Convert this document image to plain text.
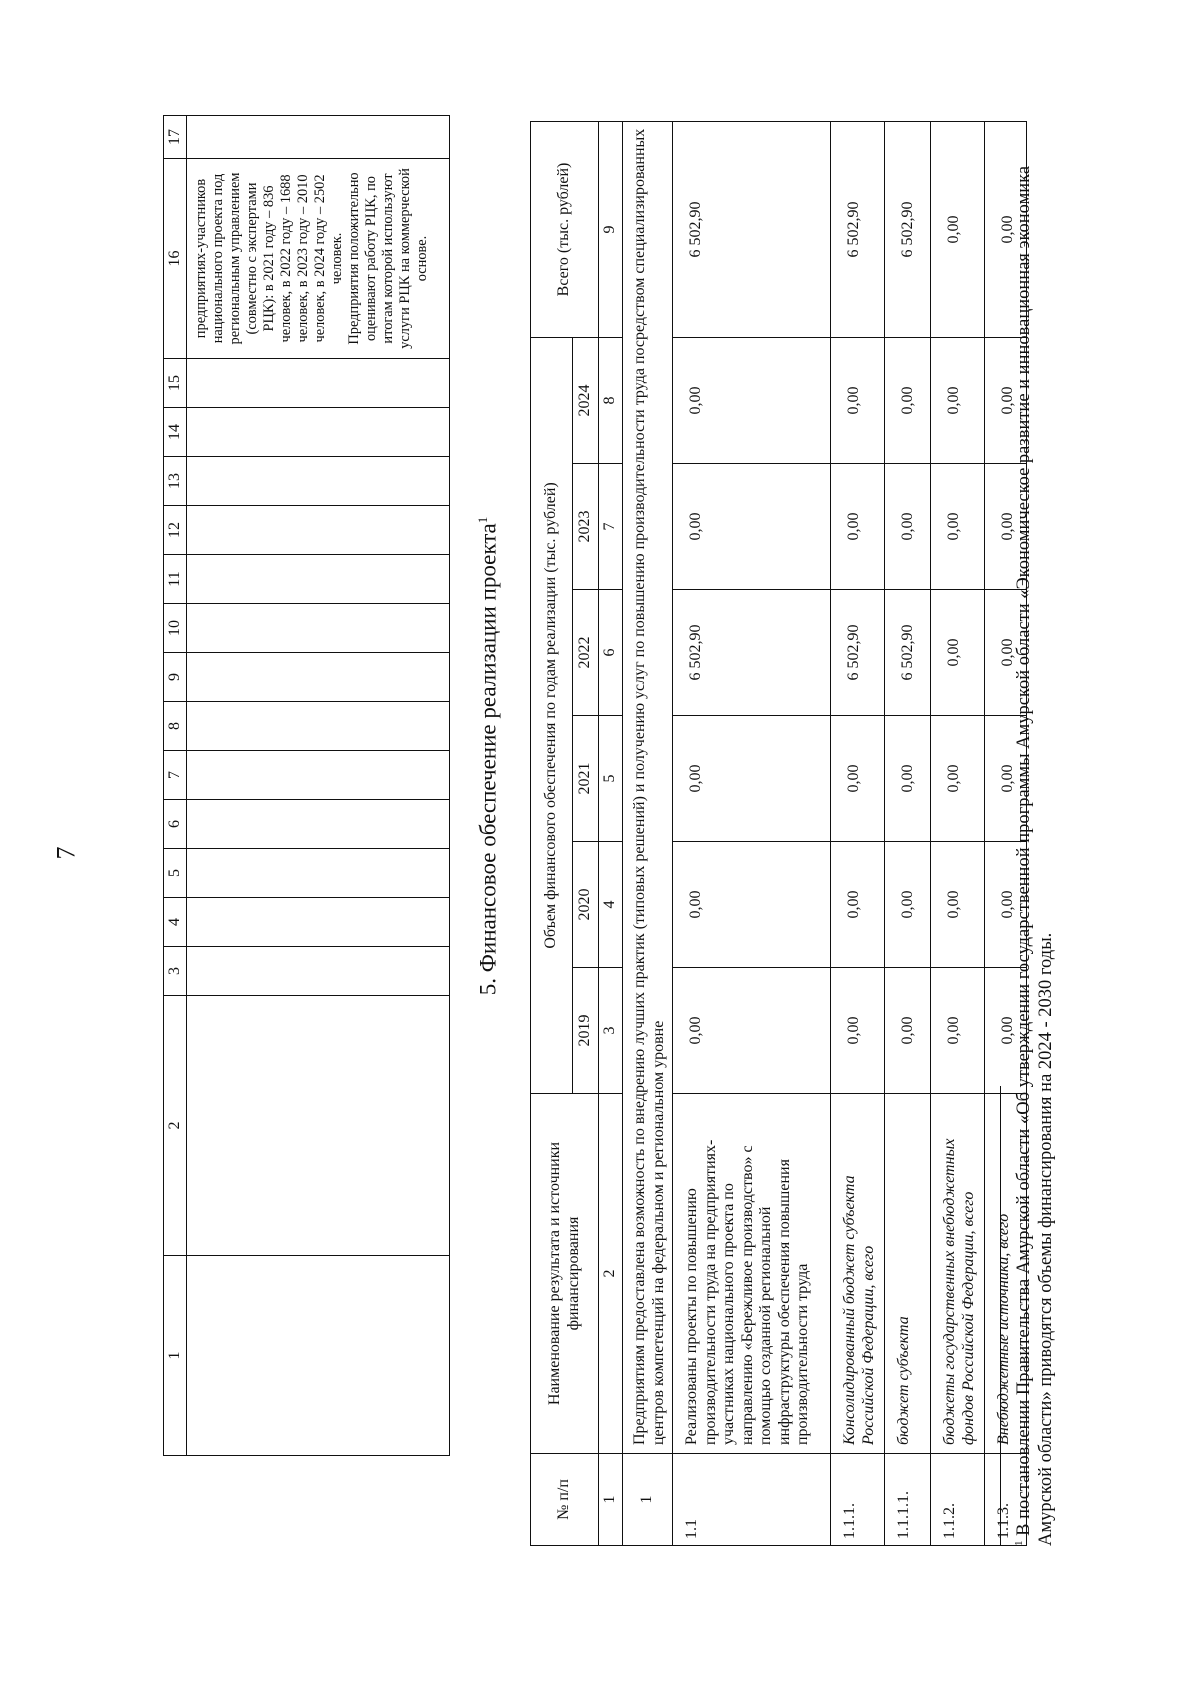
7
1	2	3	4	5	6	7	8	9	10	11	12	13	14	15	16	17

															предприятиях-участников национального проекта под региональным управлением (совместно с экспертами РЦК): в 2021 году – 836 человек, в 2022 году – 1688 человек, в 2023 году – 2010 человек, в 2024 году – 2502 человек. Предприятия положительно оценивают работу РЦК, по итогам которой используют услуги РЦК на коммерческой основе.	

5. Финансовое обеспечение реализации проекта$^1$
№ п/п	Наименование результата и источники финансирования	Объем финансового обеспечения по годам реализации (тыс. рублей)						Всего (тыс. рублей)
		2019	2020	2021	2022	2023	2024	
1	2	3	4	5	6	7	8	9
1	Предприятиям предоставлена возможность по внедрению лучших практик (типовых решений) и получению услуг по повышению производительности труда посредством специализированных центров компетенций на федеральном и региональном уровне							
1.1	Реализованы проекты по повышению производительности труда на предприятиях-участниках национального проекта по направлению «Бережливое производство» с помощью созданной региональной инфраструктуры обеспечения повышения производительности труда	0,00	0,00	0,00	6 502,90	0,00	0,00	6 502,90
1.1.1.	Консолидированный бюджет субъекта Российской Федерации, всего	0,00	0,00	0,00	6 502,90	0,00	0,00	6 502,90
1.1.1.1.	бюджет субъекта	0,00	0,00	0,00	6 502,90	0,00	0,00	6 502,90
1.1.2.	бюджеты государственных внебюджетных фондов Российской Федерации, всего	0,00	0,00	0,00	0,00	0,00	0,00	0,00
1.1.3.	Внебюджетные источники, всего	0,00	0,00	0,00	0,00	0,00	0,00	0,00
$^1$ В постановлении Правительства Амурской области «Об утверждении государственной программы Амурской области «Экономическое развитие и инновационная экономика Амурской области» приводятся объемы финансирования на 2024 - 2030 годы.
